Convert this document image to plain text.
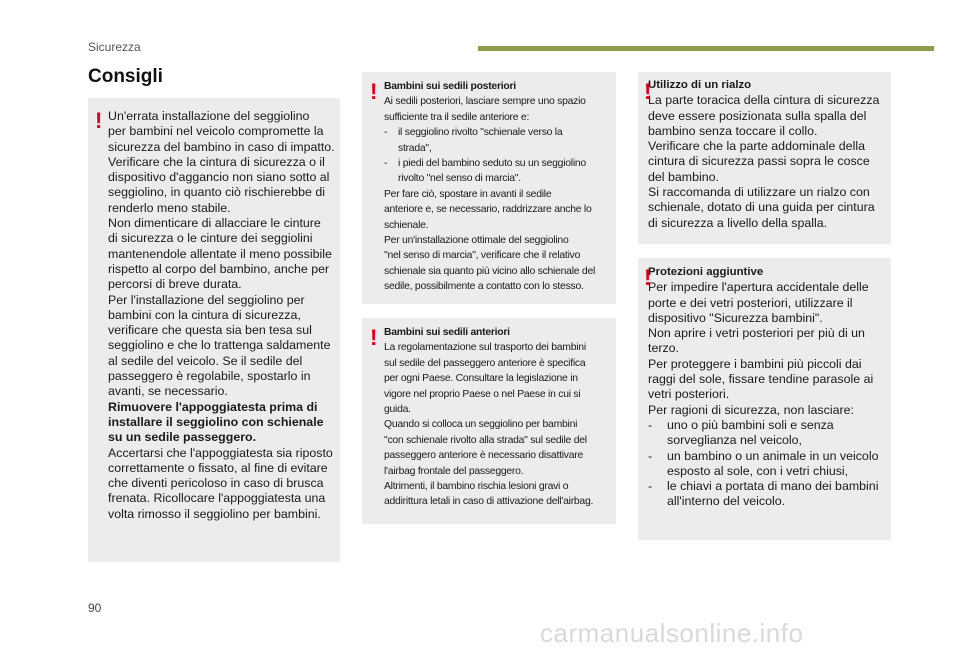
Sicurezza
Consigli
! Un'errata installazione del seggiolino
per bambini nel veicolo compromette la
sicurezza del bambino in caso di impatto.
Verificare che la cintura di sicurezza o il
dispositivo d'aggancio non siano sotto al
seggiolino, in quanto ciò rischierebbe di
renderlo meno stabile.
Non dimenticare di allacciare le cinture
di sicurezza o le cinture dei seggiolini
mantenendole allentate il meno possibile
rispetto al corpo del bambino, anche per
percorsi di breve durata.
Per l'installazione del seggiolino per
bambini con la cintura di sicurezza,
verificare che questa sia ben tesa sul
seggiolino e che lo trattenga saldamente
al sedile del veicolo. Se il sedile del
passeggero è regolabile, spostarlo in
avanti, se necessario.
Rimuovere l'appoggiatesta prima di
installare il seggiolino con schienale
su un sedile passeggero.
Accertarsi che l'appoggiatesta sia riposto
correttamente o fissato, al fine di evitare
che diventi pericoloso in caso di brusca
frenata. Ricollocare l'appoggiatesta una
volta rimosso il seggiolino per bambini.
! Bambini sui sedili posteriori
Ai sedili posteriori, lasciare sempre uno spazio
sufficiente tra il sedile anteriore e:
-	il seggiolino rivolto "schienale verso la
strada",
-	i piedi del bambino seduto su un seggiolino
rivolto "nel senso di marcia".
Per fare ciò, spostare in avanti il sedile
anteriore e, se necessario, raddrizzare anche lo
schienale.
Per un'installazione ottimale del seggiolino
"nel senso di marcia", verificare che il relativo
schienale sia quanto più vicino allo schienale del
sedile, possibilmente a contatto con lo stesso.
! Bambini sui sedili anteriori
La regolamentazione sul trasporto dei bambini
sul sedile del passeggero anteriore è specifica
per ogni Paese. Consultare la legislazione in
vigore nel proprio Paese o nel Paese in cui si
guida.
Quando si colloca un seggiolino per bambini
"con schienale rivolto alla strada" sul sedile del
passeggero anteriore è necessario disattivare
l'airbag frontale del passeggero.
Altrimenti, il bambino rischia lesioni gravi o
addirittura letali in caso di attivazione dell'airbag.
!
Utilizzo di un rialzo
La parte toracica della cintura di sicurezza
deve essere posizionata sulla spalla del
bambino senza toccare il collo.
Verificare che la parte addominale della
cintura di sicurezza passi sopra le cosce
del bambino.
Si raccomanda di utilizzare un rialzo con
schienale, dotato di una guida per cintura
di sicurezza a livello della spalla.
!
Protezioni aggiuntive
Per impedire l'apertura accidentale delle
porte e dei vetri posteriori, utilizzare il
dispositivo "Sicurezza bambini".
Non aprire i vetri posteriori per più di un
terzo.
Per proteggere i bambini più piccoli dai
raggi del sole, fissare tendine parasole ai
vetri posteriori.
Per ragioni di sicurezza, non lasciare:
-	uno o più bambini soli e senza
sorveglianza nel veicolo,
-	un bambino o un animale in un veicolo
esposto al sole, con i vetri chiusi,
-	le chiavi a portata di mano dei bambini
all'interno del veicolo.
90
carmanualsonline.info
